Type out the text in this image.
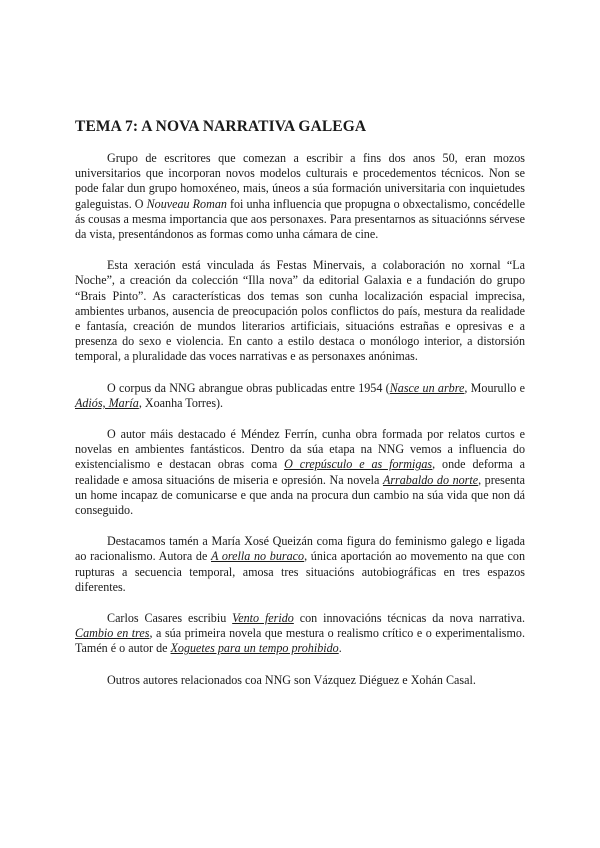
TEMA 7: A NOVA NARRATIVA GALEGA

Grupo de escritores que comezan a escribir a fins dos anos 50, eran mozos universitarios que incorporan novos modelos culturais e procedementos técnicos. Non se pode falar dun grupo homoxéneo, mais, úneos a súa formación universitaria con inquietudes galeguistas. O Nouveau Roman foi unha influencia que propugna o obxectalismo, concédelle ás cousas a mesma importancia que aos personaxes. Para presentarnos as situaciónns sérvese da vista, presentándonos as formas como unha cámara de cine.

Esta xeración está vinculada ás Festas Minervais, a colaboración no xornal “La Noche”, a creación da colección “Illa nova” da editorial Galaxia e a fundación do grupo “Brais Pinto”. As características dos temas son cunha localización espacial imprecisa, ambientes urbanos, ausencia de preocupación polos conflictos do país, mestura da realidade e fantasía, creación de mundos literarios artificiais, situacións estrañas e opresivas e a presenza do sexo e violencia. En canto a estilo destaca o monólogo interior, a distorsión temporal, a pluralidade das voces narrativas e as personaxes anónimas.

O corpus da NNG abrangue obras publicadas entre 1954 (Nasce un arbre, Mourullo e Adiós, María, Xoanha Torres).

O autor máis destacado é Méndez Ferrín, cunha obra formada por relatos curtos e novelas en ambientes fantásticos. Dentro da súa etapa na NNG vemos a influencia do existencialismo e destacan obras coma O crepúsculo e as formigas, onde deforma a realidade e amosa situacións de miseria e opresión. Na novela Arrabaldo do norte, presenta un home incapaz de comunicarse e que anda na procura dun cambio na súa vida que non dá conseguido.

Destacamos tamén a María Xosé Queizán coma figura do feminismo galego e ligada ao racionalismo. Autora de A orella no buraco, única aportación ao movemento na que con rupturas a secuencia temporal, amosa tres situacións autobiográficas en tres espazos diferentes.

Carlos Casares escribiu Vento ferido con innovacións técnicas da nova narrativa. Cambio en tres, a súa primeira novela que mestura o realismo crítico e o experimentalismo. Tamén é o autor de Xoguetes para un tempo prohibido.

Outros autores relacionados coa NNG son Vázquez Diéguez e Xohán Casal.
